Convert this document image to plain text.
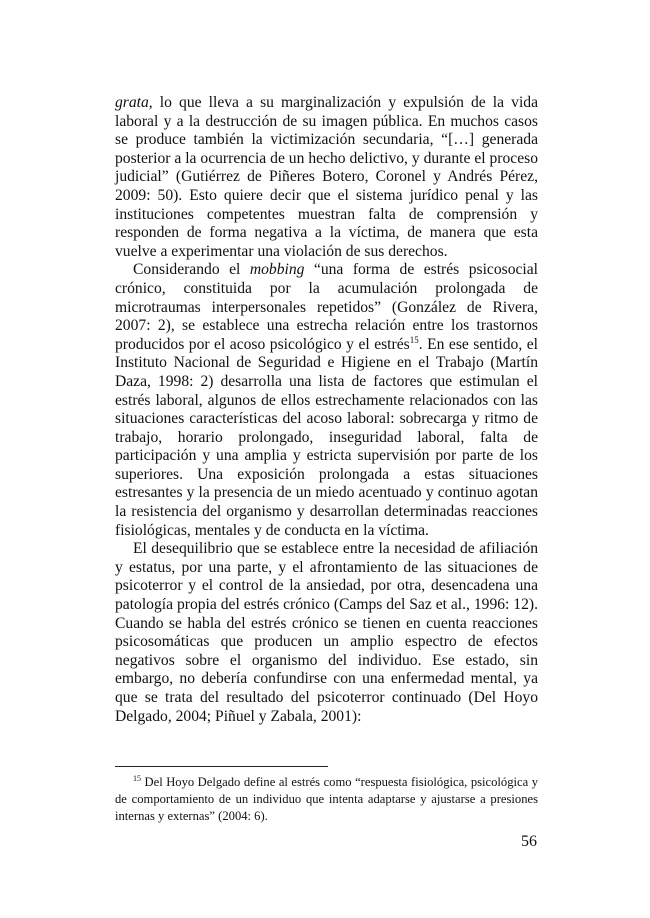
grata, lo que lleva a su marginalización y expulsión de la vida laboral y a la destrucción de su imagen pública. En muchos casos se produce también la victimización secundaria, “[…] generada posterior a la ocurrencia de un hecho delictivo, y durante el proceso judicial” (Gutiérrez de Piñeres Botero, Coronel y Andrés Pérez, 2009: 50). Esto quiere decir que el sistema jurídico penal y las instituciones competentes muestran falta de comprensión y responden de forma negativa a la víctima, de manera que esta vuelve a experimentar una violación de sus derechos.

Considerando el mobbing “una forma de estrés psicosocial crónico, constituida por la acumulación prolongada de microtraumas interpersonales repetidos” (González de Rivera, 2007: 2), se establece una estrecha relación entre los trastornos producidos por el acoso psicológico y el estrés$^{15}$. En ese sentido, el Instituto Nacional de Seguridad e Higiene en el Trabajo (Martín Daza, 1998: 2) desarrolla una lista de factores que estimulan el estrés laboral, algunos de ellos estrechamente relacionados con las situaciones características del acoso laboral: sobrecarga y ritmo de trabajo, horario prolongado, inseguridad laboral, falta de participación y una amplia y estricta supervisión por parte de los superiores. Una exposición prolongada a estas situaciones estresantes y la presencia de un miedo acentuado y continuo agotan la resistencia del organismo y desarrollan determinadas reacciones fisiológicas, mentales y de conducta en la víctima.

El desequilibrio que se establece entre la necesidad de afiliación y estatus, por una parte, y el afrontamiento de las situaciones de psicoterror y el control de la ansiedad, por otra, desencadena una patología propia del estrés crónico (Camps del Saz et al., 1996: 12). Cuando se habla del estrés crónico se tienen en cuenta reacciones psicosomáticas que producen un amplio espectro de efectos negativos sobre el organismo del individuo. Ese estado, sin embargo, no debería confundirse con una enfermedad mental, ya que se trata del resultado del psicoterror continuado (Del Hoyo Delgado, 2004; Piñuel y Zabala, 2001):

$^{15}$ Del Hoyo Delgado define al estrés como “respuesta fisiológica, psicológica y de comportamiento de un individuo que intenta adaptarse y ajustarse a presiones internas y externas” (2004: 6).

56
